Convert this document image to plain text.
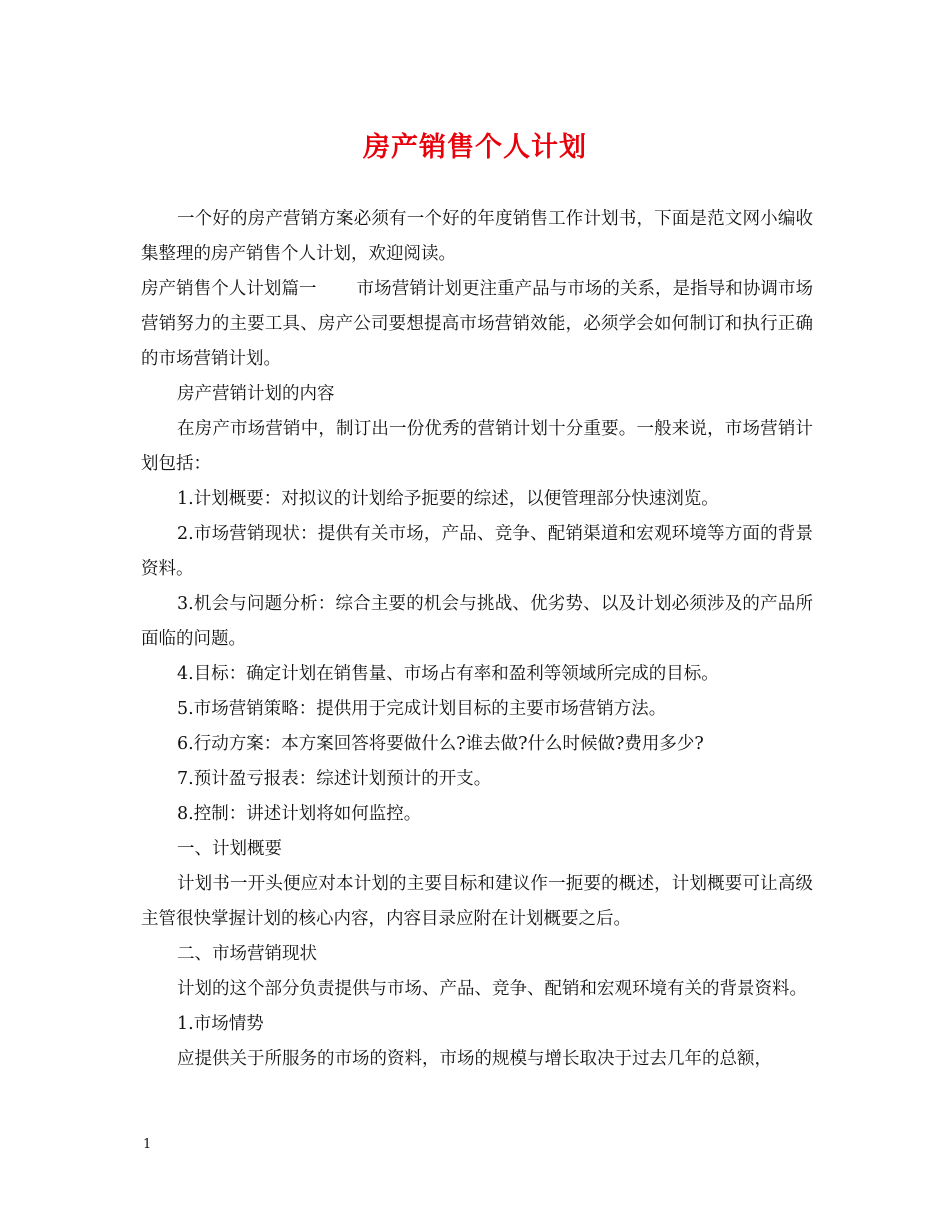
房产销售个人计划

一个好的房产营销方案必须有一个好的年度销售工作计划书，下面是范文网小编收集整理的房产销售个人计划，欢迎阅读。

房产销售个人计划篇一 市场营销计划更注重产品与市场的关系，是指导和协调市场营销努力的主要工具、房产公司要想提高市场营销效能，必须学会如何制订和执行正确的市场营销计划。

房产营销计划的内容

在房产市场营销中，制订出一份优秀的营销计划十分重要。一般来说，市场营销计划包括：

1.计划概要：对拟议的计划给予扼要的综述，以便管理部分快速浏览。

2.市场营销现状：提供有关市场，产品、竞争、配销渠道和宏观环境等方面的背景资料。

3.机会与问题分析：综合主要的机会与挑战、优劣势、以及计划必须涉及的产品所面临的问题。

4.目标：确定计划在销售量、市场占有率和盈利等领域所完成的目标。

5.市场营销策略：提供用于完成计划目标的主要市场营销方法。

6.行动方案：本方案回答将要做什么?谁去做?什么时候做?费用多少?

7.预计盈亏报表：综述计划预计的开支。

8.控制：讲述计划将如何监控。

一、计划概要

计划书一开头便应对本计划的主要目标和建议作一扼要的概述，计划概要可让高级主管很快掌握计划的核心内容，内容目录应附在计划概要之后。

二、市场营销现状

计划的这个部分负责提供与市场、产品、竞争、配销和宏观环境有关的背景资料。

1.市场情势

应提供关于所服务的市场的资料，市场的规模与增长取决于过去几年的总额，

1
